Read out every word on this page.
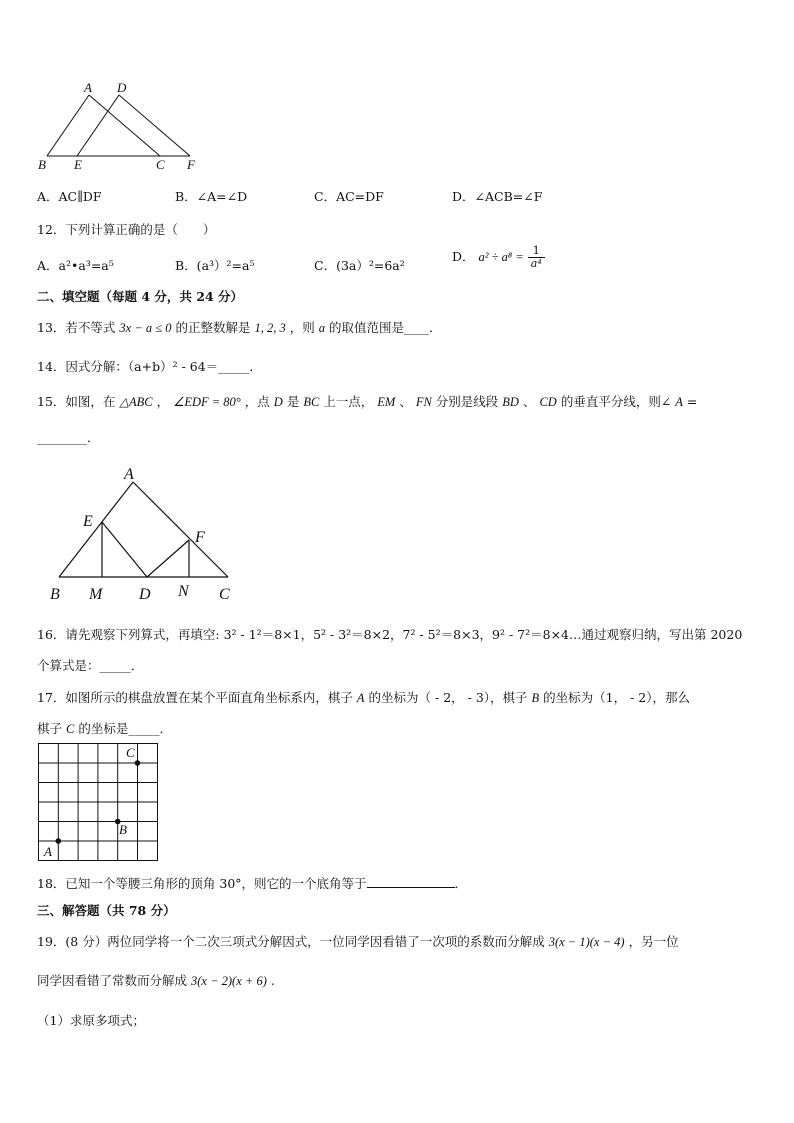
A D
B E	C F
A．AC∥DF	B．∠A=∠D	C．AC=DF	D．∠ACB=∠F
12．下列计算正确的是（　　）
A．a²•a³=a⁵	B．(a³）²=a⁵	C．(3a）²=6a²
D． $a^2 \div a^8 = \frac{1}{\text{a⁴}}$
二、填空题（每题 4 分，共 24 分）
13．若不等式 3x − a ≤ 0 的正整数解是 1, 2, 3 ，则 a 的取值范围是____．
14．因式分解：（a+b）² - 64＝_____．
15．如图，在 △ABC ， ∠EDF = 80° ，点 D 是 BC 上一点， EM 、 FN 分别是线段 BD 、 CD 的垂直平分线，则∠ A =
________．
A
E
F
B M D N C
16．请先观察下列算式，再填空: 3² - 1²＝8×1，5² - 3²＝8×2，7² - 5²＝8×3，9² - 7²＝8×4…通过观察归纳，写出第 2020
个算式是：_____．
17．如图所示的棋盘放置在某个平面直角坐标系内，棋子 A 的坐标为（ - 2， - 3），棋子 B 的坐标为（1， - 2），那么
棋子 C 的坐标是_____．
C
B
A
18．已知一个等腰三角形的顶角 30°，则它的一个底角等于	．
三、解答题（共 78 分）
19．(8 分）两位同学将一个二次三项式分解因式，一位同学因看错了一次项的系数而分解成 3(x − 1)(x − 4) ，另一位
同学因看错了常数而分解成 3(x − 2)(x + 6) .
（1）求原多项式；
